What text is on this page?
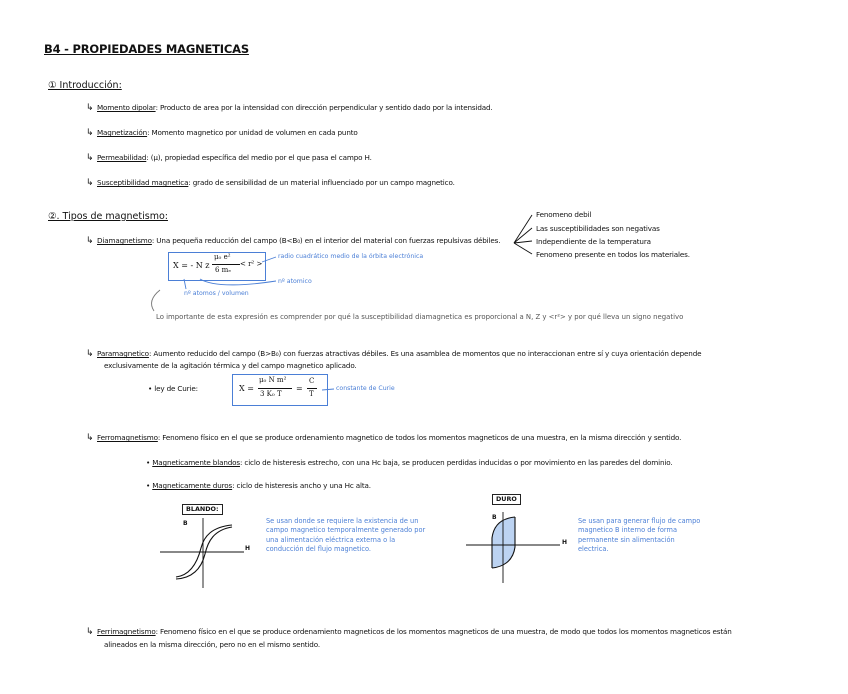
B4 - PROPIEDADES MAGNETICAS
① Introducción:
↳ Momento dipolar: Producto de area por la intensidad con dirección perpendicular y sentido dado por la intensidad.
↳ Magnetización: Momento magnetico por unidad de volumen en cada punto
↳ Permeabilidad: (μ), propiedad específica del medio por el que pasa el campo H.
↳ Susceptibilidad magnetica: grado de sensibilidad de un material influenciado por un campo magnetico.
②. Tipos de magnetismo:
↳ Diamagnetismo: Una pequeña reducción del campo (B<B₀) en el interior del material con fuerzas repulsivas débiles.
Fenomeno debil
Las susceptibilidades son negativas
Independiente de la temperatura
Fenomeno presente en todos los materiales.
X = - N z
μ₀ e²
6 mₑ
< r² >
radio cuadrático medio de la órbita electrónica
nº atomico
nº atomos / volumen
Lo importante de esta expresión es comprender por qué la susceptibilidad diamagnetica es proporcional a N, Z y <r²> y por qué lleva un signo negativo
↳ Paramagnetico: Aumento reducido del campo (B>B₀) con fuerzas atractivas débiles. Es una asamblea de momentos que no interaccionan entre sí y cuya orientación depende
exclusivamente de la agitación térmica y del campo magnetico aplicado.
• ley de Curie:	X =
μ₀ N m²
3 K₀ T
=
C
T
constante de Curie
↳ Ferromagnetismo: Fenomeno físico en el que se produce ordenamiento magnetico de todos los momentos magneticos de una muestra, en la misma dirección y sentido.
• Magneticamente blandos: ciclo de histeresis estrecho, con una Hc baja, se producen perdidas inducidas o por movimiento en las paredes del dominio.
• Magneticamente duros: ciclo de histeresis ancho y una Hc alta.
BLANDO:
DURO
B
H
B
H
Se usan donde se requiere la existencia de un campo magnetico temporalmente generado por una alimentación eléctrica externa o la conducción del flujo magnetico.
Se usan para generar flujo de campo magnetico B interno de forma permanente sin alimentación electrica.
↳ Ferrimagnetismo: Fenomeno físico en el que se produce ordenamiento magneticos de los momentos magneticos de una muestra, de modo que todos los momentos magneticos están
alineados en la misma dirección, pero no en el mismo sentido.
